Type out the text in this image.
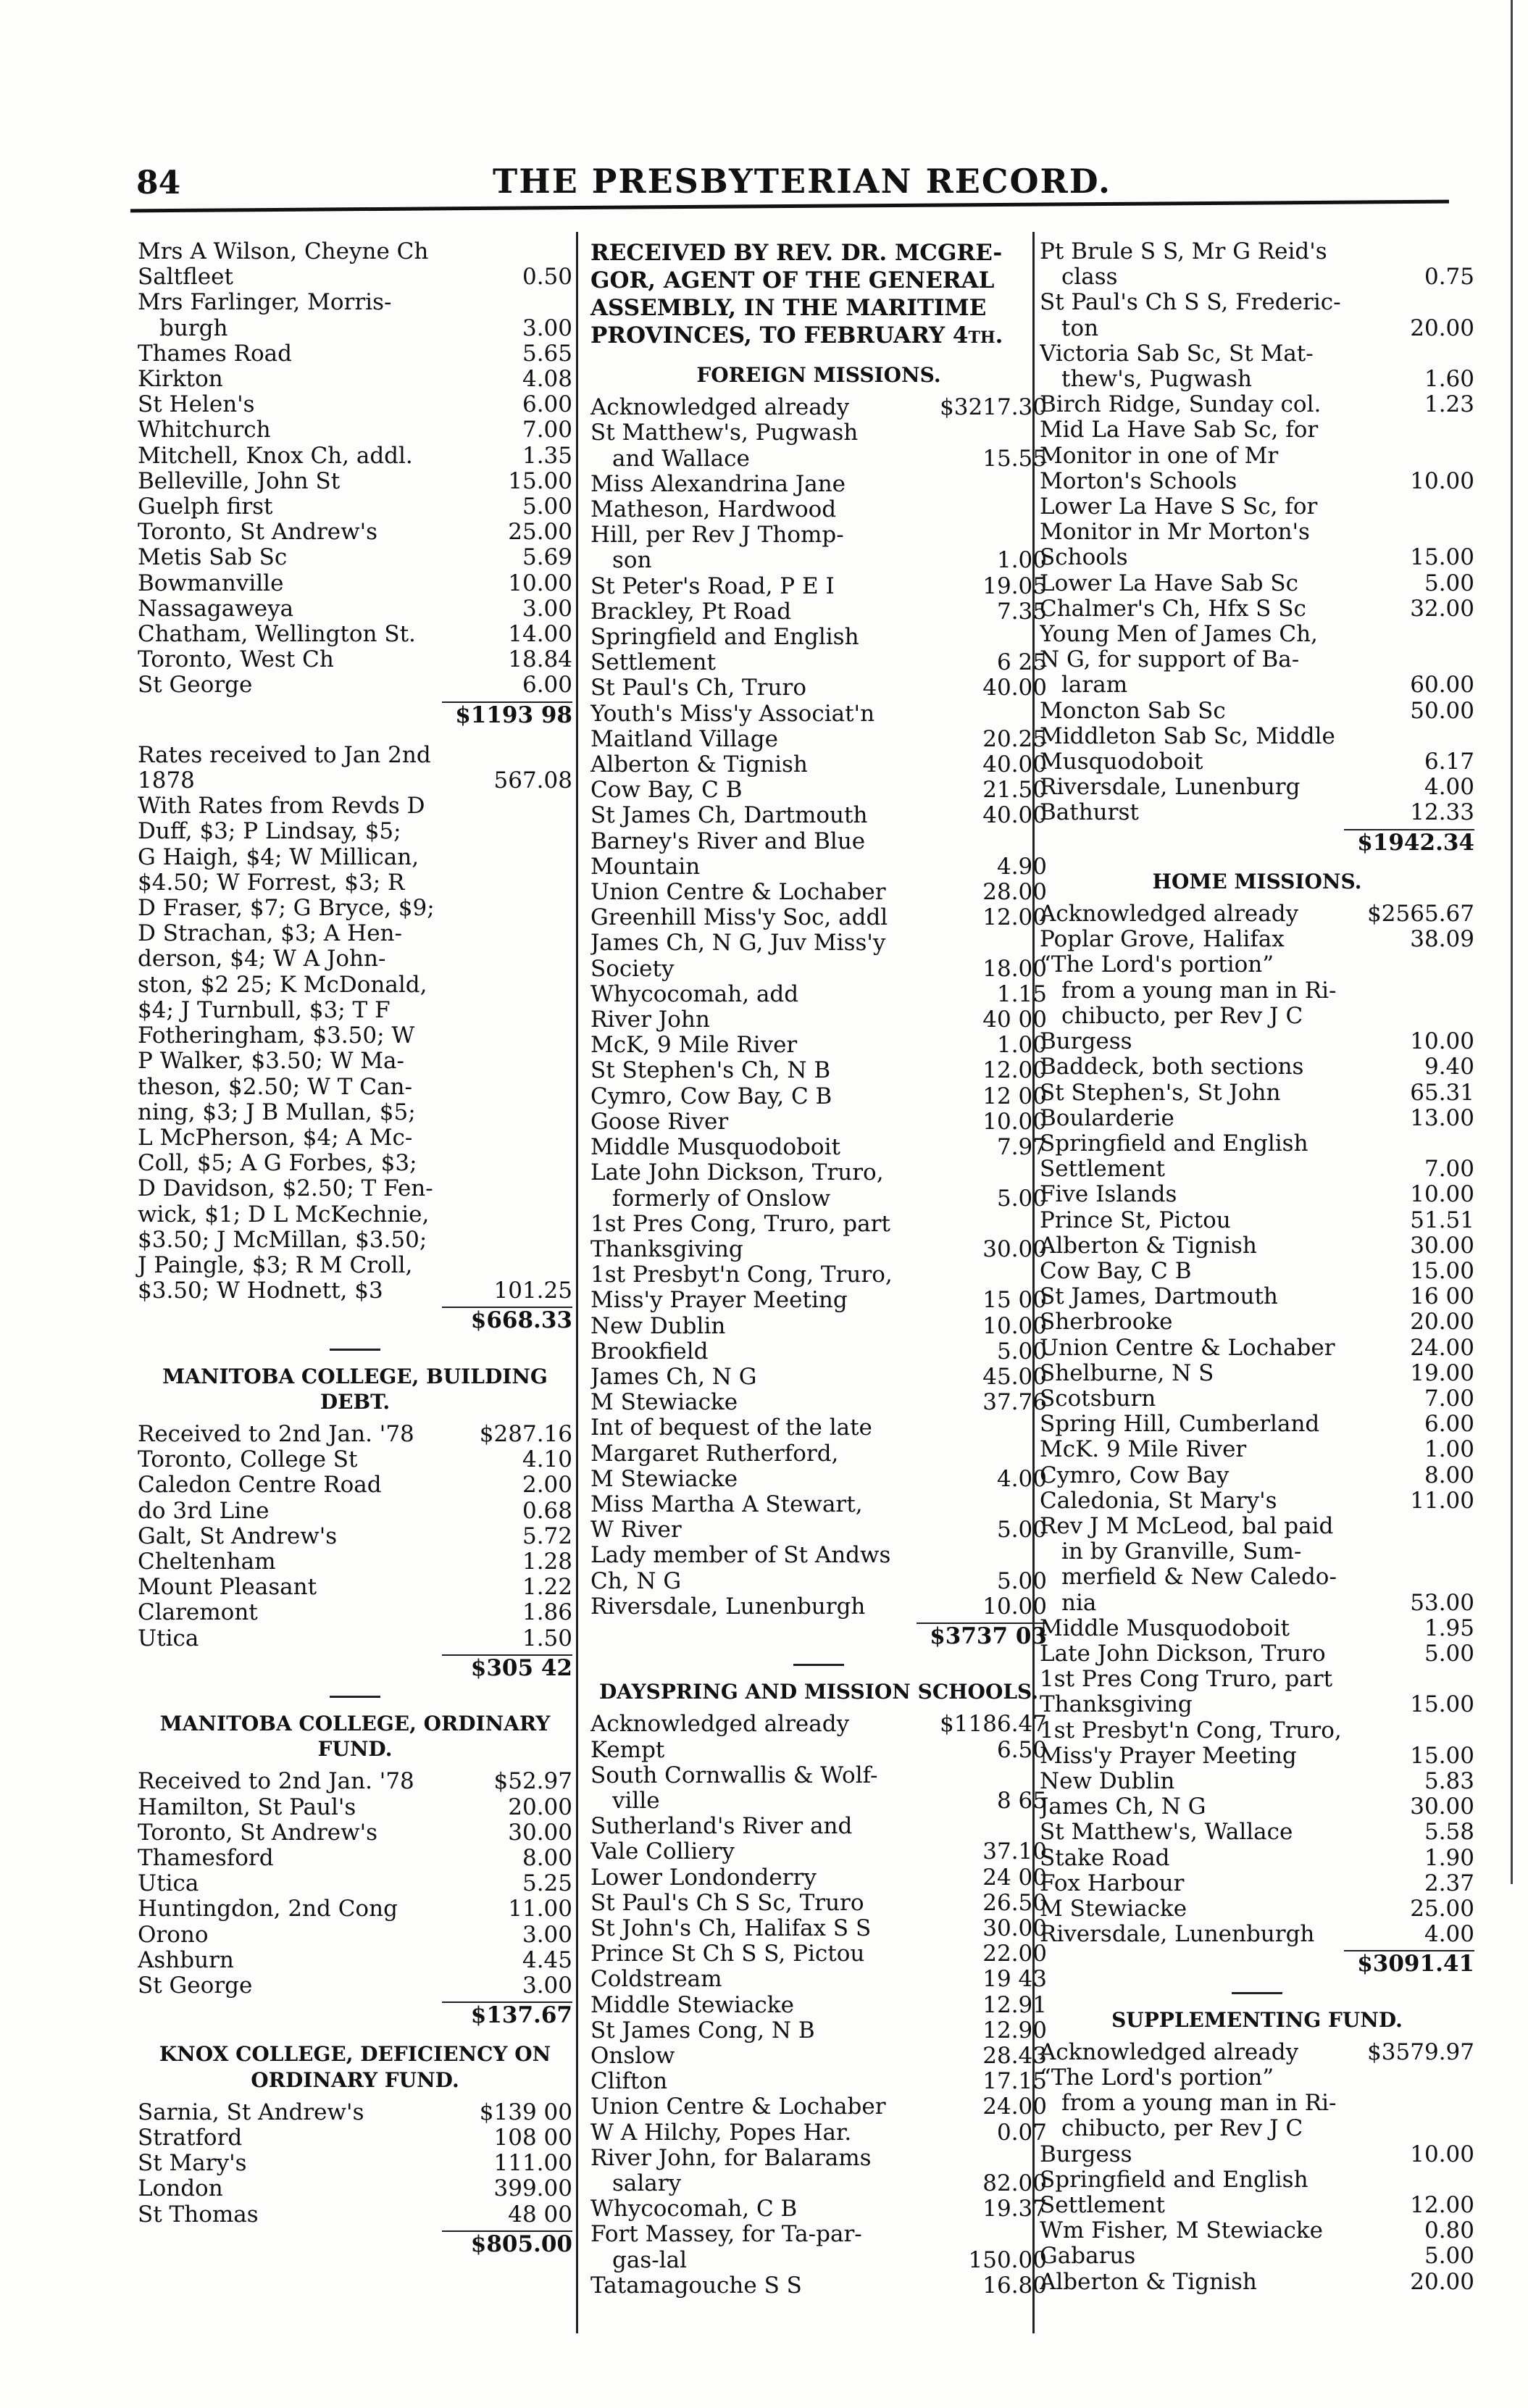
84	THE PRESBYTERIAN RECORD.
Mrs A Wilson, Cheyne Ch
Saltfleet	0.50
Mrs Farlinger, Morris-
burgh	3.00
Thames Road	5.65
Kirkton	4.08
St Helen's	6.00
Whitchurch	7.00
Mitchell, Knox Ch, addl.	1.35
Belleville, John St	15.00
Guelph first	5.00
Toronto, St Andrew's	25.00
Metis Sab Sc	5.69
Bowmanville	10.00
Nassagaweya	3.00
Chatham, Wellington St.	14.00
Toronto, West Ch	18.84
St George	6.00
$1193 98
Rates received to Jan 2nd
1878	567.08
With Rates from Revds D
Duff, $3; P Lindsay, $5;
G Haigh, $4; W Millican,
$4.50; W Forrest, $3; R
D Fraser, $7; G Bryce, $9;
D Strachan, $3; A Hen-
derson, $4; W A John-
ston, $2 25; K McDonald,
$4; J Turnbull, $3; T F
Fotheringham, $3.50; W
P Walker, $3.50; W Ma-
theson, $2.50; W T Can-
ning, $3; J B Mullan, $5;
L McPherson, $4; A Mc-
Coll, $5; A G Forbes, $3;
D Davidson, $2.50; T Fen-
wick, $1; D L McKechnie,
$3.50; J McMillan, $3.50;
J Paingle, $3; R M Croll,
$3.50; W Hodnett, $3	101.25
$668.33
MANITOBA COLLEGE, BUILDING
DEBT.
Received to 2nd Jan. '78	$287.16
Toronto, College St	4.10
Caledon Centre Road	2.00
do 3rd Line	0.68
Galt, St Andrew's	5.72
Cheltenham	1.28
Mount Pleasant	1.22
Claremont	1.86
Utica	1.50
$305 42
MANITOBA COLLEGE, ORDINARY
FUND.
Received to 2nd Jan. '78	$52.97
Hamilton, St Paul's	20.00
Toronto, St Andrew's	30.00
Thamesford	8.00
Utica	5.25
Huntingdon, 2nd Cong	11.00
Orono	3.00
Ashburn	4.45
St George	3.00
$137.67
KNOX COLLEGE, DEFICIENCY ON
ORDINARY FUND.
Sarnia, St Andrew's	$139 00
Stratford	108 00
St Mary's	111.00
London	399.00
St Thomas	48 00
$805.00
RECEIVED BY REV. DR. MCGRE-
GOR, AGENT OF THE GENERAL
ASSEMBLY, IN THE MARITIME
PROVINCES, TO FEBRUARY 4th.
FOREIGN MISSIONS.
Acknowledged already	$3217.30
St Matthew's, Pugwash
and Wallace	15.55
Miss Alexandrina Jane
Matheson, Hardwood
Hill, per Rev J Thomp-
son	1.00
St Peter's Road, P E I	19.05
Brackley, Pt Road	7.35
Springfield and English
Settlement	6 25
St Paul's Ch, Truro	40.00
Youth's Miss'y Associat'n
Maitland Village	20.25
Alberton & Tignish	40.00
Cow Bay, C B	21.50
St James Ch, Dartmouth	40.00
Barney's River and Blue
Mountain	4.90
Union Centre & Lochaber	28.00
Greenhill Miss'y Soc, addl	12.00
James Ch, N G, Juv Miss'y
Society	18.00
Whycocomah, add	1.15
River John	40 00
McK, 9 Mile River	1.00
St Stephen's Ch, N B	12.00
Cymro, Cow Bay, C B	12 00
Goose River	10.00
Middle Musquodoboit	7.97
Late John Dickson, Truro,
formerly of Onslow	5.00
1st Pres Cong, Truro, part
Thanksgiving	30.00
1st Presbyt'n Cong, Truro,
Miss'y Prayer Meeting	15 00
New Dublin	10.00
Brookfield	5.00
James Ch, N G	45.00
M Stewiacke	37.76
Int of bequest of the late
Margaret Rutherford,
M Stewiacke	4.00
Miss Martha A Stewart,
W River	5.00
Lady member of St Andws
Ch, N G	5.00
Riversdale, Lunenburgh	10.00
$3737 03
DAYSPRING AND MISSION SCHOOLS.
Acknowledged already	$1186.47
Kempt	6.50
South Cornwallis & Wolf-
ville	8 65
Sutherland's River and
Vale Colliery	37.10
Lower Londonderry	24 00
St Paul's Ch S Sc, Truro	26.50
St John's Ch, Halifax S S	30.00
Prince St Ch S S, Pictou	22.00
Coldstream	19 43
Middle Stewiacke	12.91
St James Cong, N B	12.90
Onslow	28.43
Clifton	17.15
Union Centre & Lochaber	24.00
W A Hilchy, Popes Har.	0.07
River John, for Balarams
salary	82.00
Whycocomah, C B	19.37
Fort Massey, for Ta-par-
gas-lal	150.00
Tatamagouche S S	16.80
Pt Brule S S, Mr G Reid's
class	0.75
St Paul's Ch S S, Frederic-
ton	20.00
Victoria Sab Sc, St Mat-
thew's, Pugwash	1.60
Birch Ridge, Sunday col.	1.23
Mid La Have Sab Sc, for
Monitor in one of Mr
Morton's Schools	10.00
Lower La Have S Sc, for
Monitor in Mr Morton's
Schools	15.00
Lower La Have Sab Sc	5.00
Chalmer's Ch, Hfx S Sc	32.00
Young Men of James Ch,
N G, for support of Ba-
laram	60.00
Moncton Sab Sc	50.00
Middleton Sab Sc, Middle
Musquodoboit	6.17
Riversdale, Lunenburg	4.00
Bathurst	12.33
$1942.34
HOME MISSIONS.
Acknowledged already	$2565.67
Poplar Grove, Halifax	38.09
“The Lord's portion”
from a young man in Ri-
chibucto, per Rev J C
Burgess	10.00
Baddeck, both sections	9.40
St Stephen's, St John	65.31
Boularderie	13.00
Springfield and English
Settlement	7.00
Five Islands	10.00
Prince St, Pictou	51.51
Alberton & Tignish	30.00
Cow Bay, C B	15.00
St James, Dartmouth	16 00
Sherbrooke	20.00
Union Centre & Lochaber	24.00
Shelburne, N S	19.00
Scotsburn	7.00
Spring Hill, Cumberland	6.00
McK. 9 Mile River	1.00
Cymro, Cow Bay	8.00
Caledonia, St Mary's	11.00
Rev J M McLeod, bal paid
in by Granville, Sum-
merfield & New Caledo-
nia	53.00
Middle Musquodoboit	1.95
Late John Dickson, Truro	5.00
1st Pres Cong Truro, part
Thanksgiving	15.00
1st Presbyt'n Cong, Truro,
Miss'y Prayer Meeting	15.00
New Dublin	5.83
James Ch, N G	30.00
St Matthew's, Wallace	5.58
Stake Road	1.90
Fox Harbour	2.37
M Stewiacke	25.00
Riversdale, Lunenburgh	4.00
$3091.41
SUPPLEMENTING FUND.
Acknowledged already	$3579.97
“The Lord's portion”
from a young man in Ri-
chibucto, per Rev J C
Burgess	10.00
Springfield and English
Settlement	12.00
Wm Fisher, M Stewiacke	0.80
Gabarus	5.00
Alberton & Tignish	20.00
